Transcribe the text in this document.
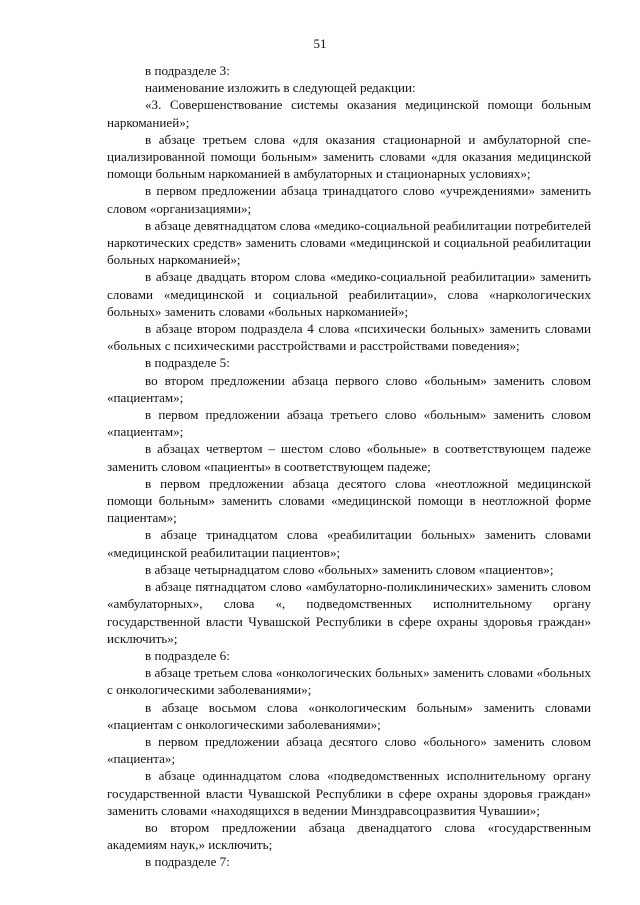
51

в подразделе 3:

наименование изложить в следующей редакции:

«3. Совершенствование системы оказания медицинской помощи больным наркоманией»;

в абзаце третьем слова «для оказания стационарной и амбулаторной специализированной помощи больным» заменить словами «для оказания медицинской помощи больным наркоманией в амбулаторных и стационарных условиях»;

в первом предложении абзаца тринадцатого слово «учреждениями» заменить словом «организациями»;

в абзаце девятнадцатом слова «медико-социальной реабилитации потребителей наркотических средств» заменить словами «медицинской и социальной реабилитации больных наркоманией»;

в абзаце двадцать втором слова «медико-социальной реабилитации» заменить словами «медицинской и социальной реабилитации», слова «наркологических больных» заменить словами «больных наркоманией»;

в абзаце втором подраздела 4 слова «психически больных» заменить словами «больных с психическими расстройствами и расстройствами поведения»;

в подразделе 5:

во втором предложении абзаца первого слово «больным» заменить словом «пациентам»;

в первом предложении абзаца третьего слово «больным» заменить словом «пациентам»;

в абзацах четвертом – шестом слово «больные» в соответствующем падеже заменить словом «пациенты» в соответствующем падеже;

в первом предложении абзаца десятого слова «неотложной медицинской помощи больным» заменить словами «медицинской помощи в неотложной форме пациентам»;

в абзаце тринадцатом слова «реабилитации больных» заменить словами «медицинской реабилитации пациентов»;

в абзаце четырнадцатом слово «больных» заменить словом «пациентов»;

в абзаце пятнадцатом слово «амбулаторно-поликлинических» заменить словом «амбулаторных», слова «, подведомственных исполнительному органу государственной власти Чувашской Республики в сфере охраны здоровья граждан» исключить»;

в подразделе 6:

в абзаце третьем слова «онкологических больных» заменить словами «больных с онкологическими заболеваниями»;

в абзаце восьмом слова «онкологическим больным» заменить словами «пациентам с онкологическими заболеваниями»;

в первом предложении абзаца десятого слово «больного» заменить словом «пациента»;

в абзаце одиннадцатом слова «подведомственных исполнительному органу государственной власти Чувашской Республики в сфере охраны здоровья граждан» заменить словами «находящихся в ведении Минздравсоцразвития Чувашии»;

во втором предложении абзаца двенадцатого слова «государственным академиям наук,» исключить;

в подразделе 7:
